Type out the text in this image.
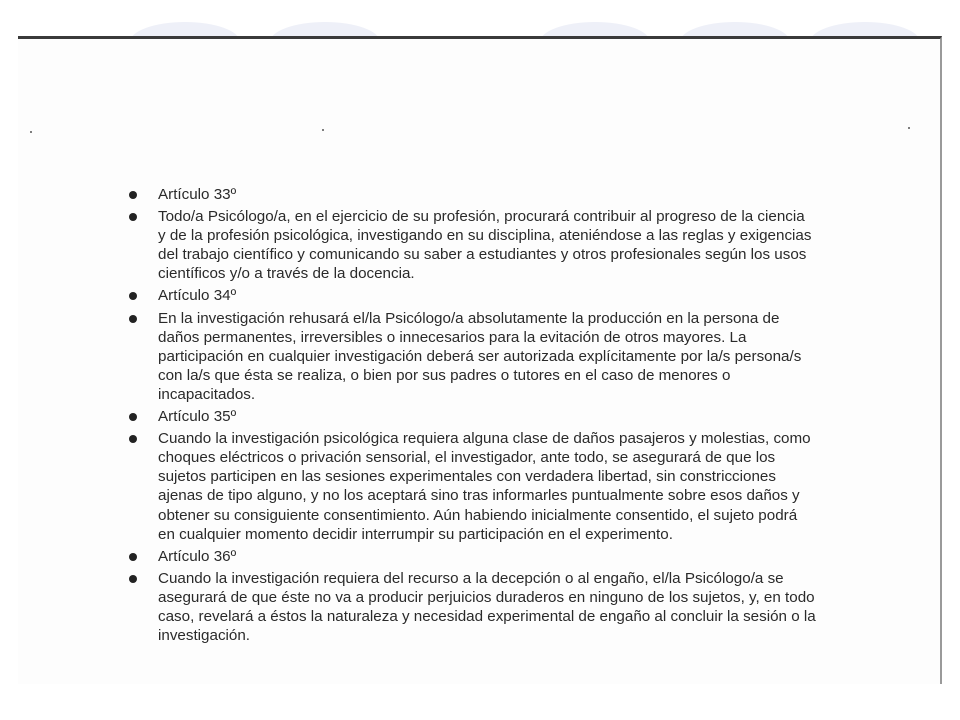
Artículo 33º
Todo/a Psicólogo/a, en el ejercicio de su profesión, procurará contribuir al progreso de la ciencia y de la profesión psicológica, investigando en su disciplina, ateniéndose a las reglas y exigencias del trabajo científico y comunicando su saber a estudiantes y otros profesionales según los usos científicos y/o a través de la docencia.
Artículo 34º
En la investigación rehusará el/la Psicólogo/a absolutamente la producción en la persona de daños permanentes, irreversibles o innecesarios para la evitación de otros mayores. La participación en cualquier investigación deberá ser autorizada explícitamente por la/s persona/s con la/s que ésta se realiza, o bien por sus padres o tutores en el caso de menores o incapacitados.
Artículo 35º
Cuando la investigación psicológica requiera alguna clase de daños pasajeros y molestias, como choques eléctricos o privación sensorial, el investigador, ante todo, se asegurará de que los sujetos participen en las sesiones experimentales con verdadera libertad, sin constricciones ajenas de tipo alguno, y no los aceptará sino tras informarles puntualmente sobre esos daños y obtener su consiguiente consentimiento. Aún habiendo inicialmente consentido, el sujeto podrá en cualquier momento decidir interrumpir su participación en el experimento.
Artículo 36º
Cuando la investigación requiera del recurso a la decepción o al engaño, el/la Psicólogo/a se asegurará de que éste no va a producir perjuicios duraderos en ninguno de los sujetos, y, en todo caso, revelará a éstos la naturaleza y necesidad experimental de engaño al concluir la sesión o la investigación.
